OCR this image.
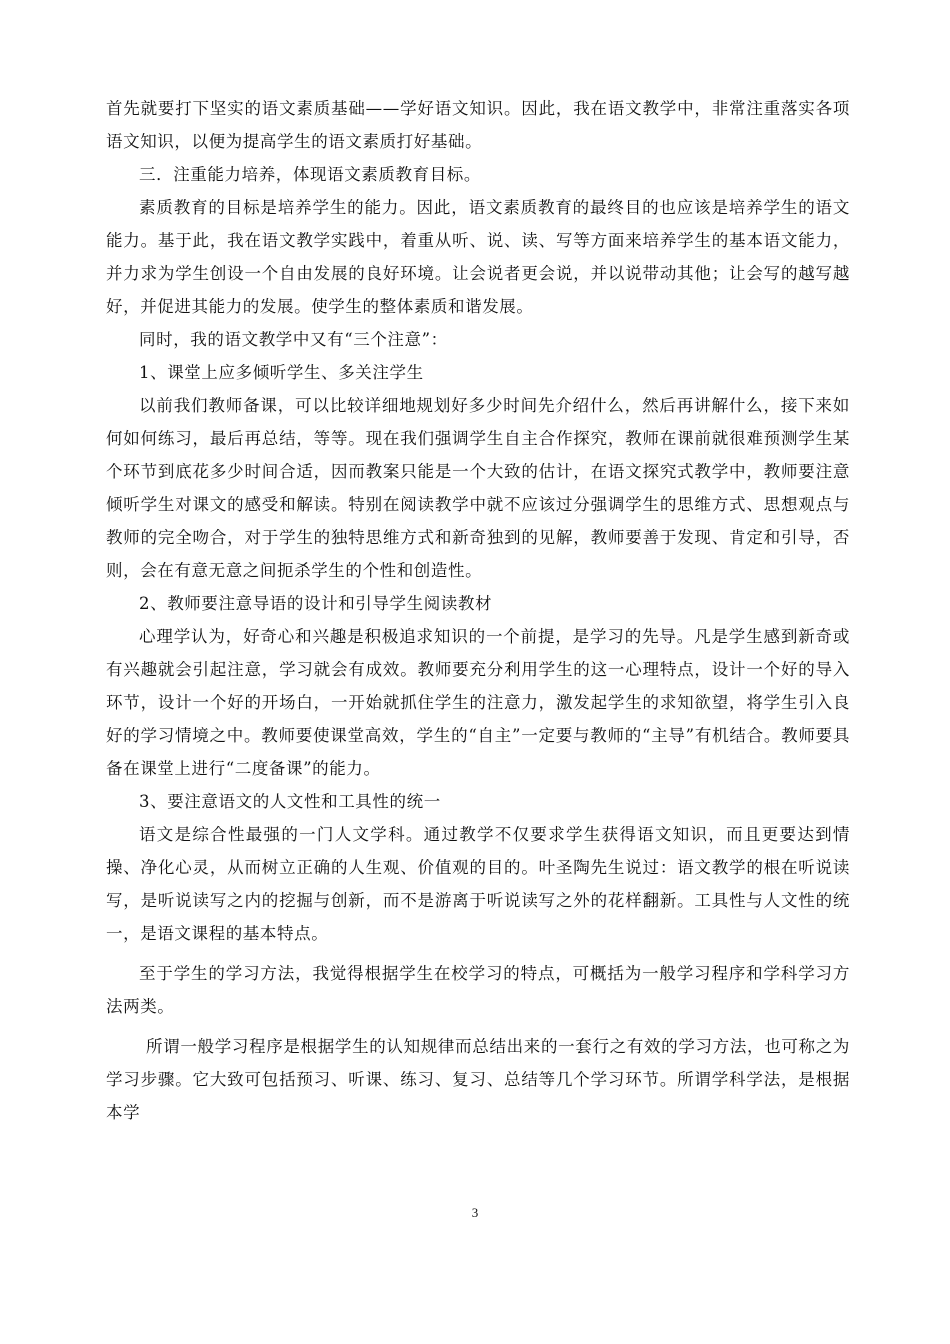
首先就要打下坚实的语文素质基础——学好语文知识。因此，我在语文教学中，非常注重落实各项语文知识，以便为提高学生的语文素质打好基础。

三．注重能力培养，体现语文素质教育目标。

素质教育的目标是培养学生的能力。因此，语文素质教育的最终目的也应该是培养学生的语文能力。基于此，我在语文教学实践中，着重从听、说、读、写等方面来培养学生的基本语文能力，并力求为学生创设一个自由发展的良好环境。让会说者更会说，并以说带动其他；让会写的越写越好，并促进其能力的发展。使学生的整体素质和谐发展。

同时，我的语文教学中又有“三个注意”：

1、课堂上应多倾听学生、多关注学生

以前我们教师备课，可以比较详细地规划好多少时间先介绍什么，然后再讲解什么，接下来如何如何练习，最后再总结，等等。现在我们强调学生自主合作探究，教师在课前就很难预测学生某个环节到底花多少时间合适，因而教案只能是一个大致的估计，在语文探究式教学中，教师要注意倾听学生对课文的感受和解读。特别在阅读教学中就不应该过分强调学生的思维方式、思想观点与教师的完全吻合，对于学生的独特思维方式和新奇独到的见解，教师要善于发现、肯定和引导，否则，会在有意无意之间扼杀学生的个性和创造性。

2、教师要注意导语的设计和引导学生阅读教材

心理学认为，好奇心和兴趣是积极追求知识的一个前提，是学习的先导。凡是学生感到新奇或有兴趣就会引起注意，学习就会有成效。教师要充分利用学生的这一心理特点，设计一个好的导入环节，设计一个好的开场白，一开始就抓住学生的注意力，激发起学生的求知欲望，将学生引入良好的学习情境之中。教师要使课堂高效，学生的“自主”一定要与教师的“主导”有机结合。教师要具备在课堂上进行“二度备课”的能力。

3、要注意语文的人文性和工具性的统一

语文是综合性最强的一门人文学科。通过教学不仅要求学生获得语文知识，而且更要达到情操、净化心灵，从而树立正确的人生观、价值观的目的。叶圣陶先生说过：语文教学的根在听说读写，是听说读写之内的挖掘与创新，而不是游离于听说读写之外的花样翻新。工具性与人文性的统一，是语文课程的基本特点。

至于学生的学习方法，我觉得根据学生在校学习的特点，可概括为一般学习程序和学科学习方法两类。

所谓一般学习程序是根据学生的认知规律而总结出来的一套行之有效的学习方法，也可称之为学习步骤。它大致可包括预习、听课、练习、复习、总结等几个学习环节。所谓学科学法，是根据本学

3
